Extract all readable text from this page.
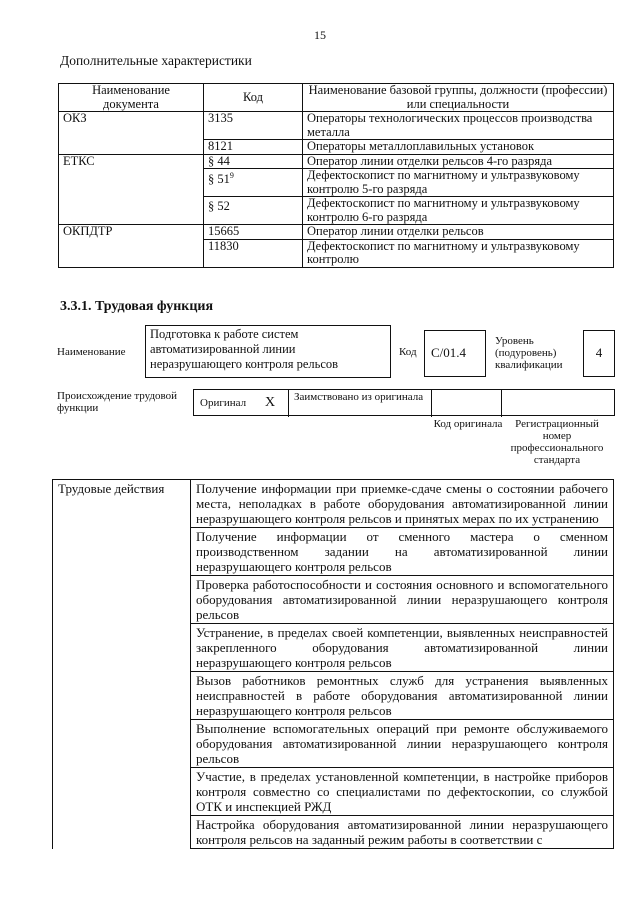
15
Дополнительные характеристики
Наименование документа	Код	Наименование базовой группы, должности (профессии) или специальности
ОКЗ	3135	Операторы технологических процессов производства металла
	8121	Операторы металлоплавильных установок
ЕТКС	§ 44	Оператор линии отделки рельсов 4-го разряда
	§ $51^9$	Дефектоскопист по магнитному и ультразвуковому контролю 5-го разряда
	§ 52	Дефектоскопист по магнитному и ультразвуковому контролю 6-го разряда
ОКПДТР	15665	Оператор линии отделки рельсов
	11830	Дефектоскопист по магнитному и ультразвуковому контролю
3.3.1. Трудовая функция
Наименование
Подготовка к работе систем автоматизированной линии неразрушающего контроля рельсов
Код	C/01.4
Уровень (подуровень) квалификации
4
Происхождение трудовой функции	Оригинал X Заимствовано из оригинала
Код оригинала	Регистрационный номер профессионального стандарта
Трудовые действия	Получение информации при приемке-сдаче смены о состоянии рабочего места, неполадках в работе оборудования автоматизированной линии неразрушающего контроля рельсов и принятых мерах по их устранению
Получение информации от сменного мастера о сменном производственном задании на автоматизированной линии неразрушающего контроля рельсов
Проверка работоспособности и состояния основного и вспомогательного оборудования автоматизированной линии неразрушающего контроля рельсов
Устранение, в пределах своей компетенции, выявленных неисправностей закрепленного оборудования автоматизированной линии неразрушающего контроля рельсов
Вызов работников ремонтных служб для устранения выявленных неисправностей в работе оборудования автоматизированной линии неразрушающего контроля рельсов
Выполнение вспомогательных операций при ремонте обслуживаемого оборудования автоматизированной линии неразрушающего контроля рельсов
Участие, в пределах установленной компетенции, в настройке приборов контроля совместно со специалистами по дефектоскопии, со службой ОТК и инспекцией РЖД
Настройка оборудования автоматизированной линии неразрушающего контроля рельсов на заданный режим работы в соответствии с
